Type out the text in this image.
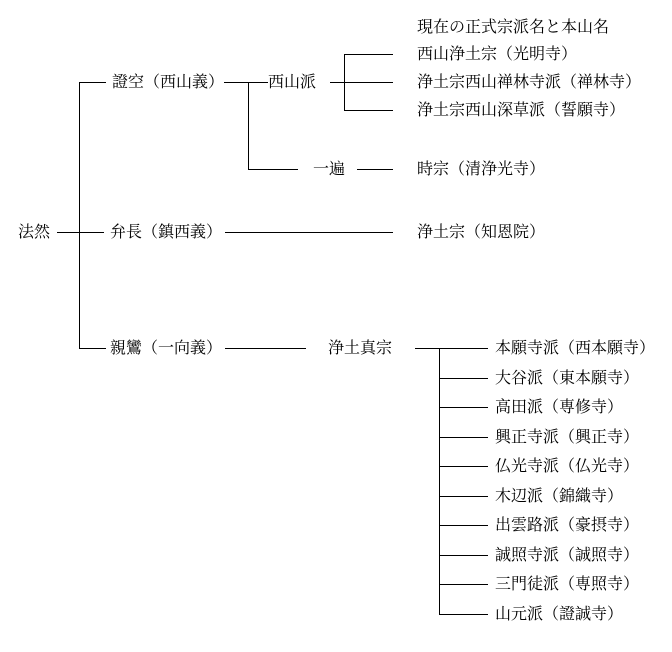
現在の正式宗派名と本山名
法然
證空（西山義）
弁長（鎮西義）
親鸞（一向義）
西山派
一遍
浄土真宗
西山浄土宗（光明寺）
浄土宗西山禅林寺派（禅林寺）
浄土宗西山深草派（誓願寺）
時宗（清浄光寺）
浄土宗（知恩院）
本願寺派（西本願寺）
大谷派（東本願寺）
高田派（専修寺）
興正寺派（興正寺）
仏光寺派（仏光寺）
木辺派（錦織寺）
出雲路派（豪摂寺）
誠照寺派（誠照寺）
三門徒派（専照寺）
山元派（證誠寺）
